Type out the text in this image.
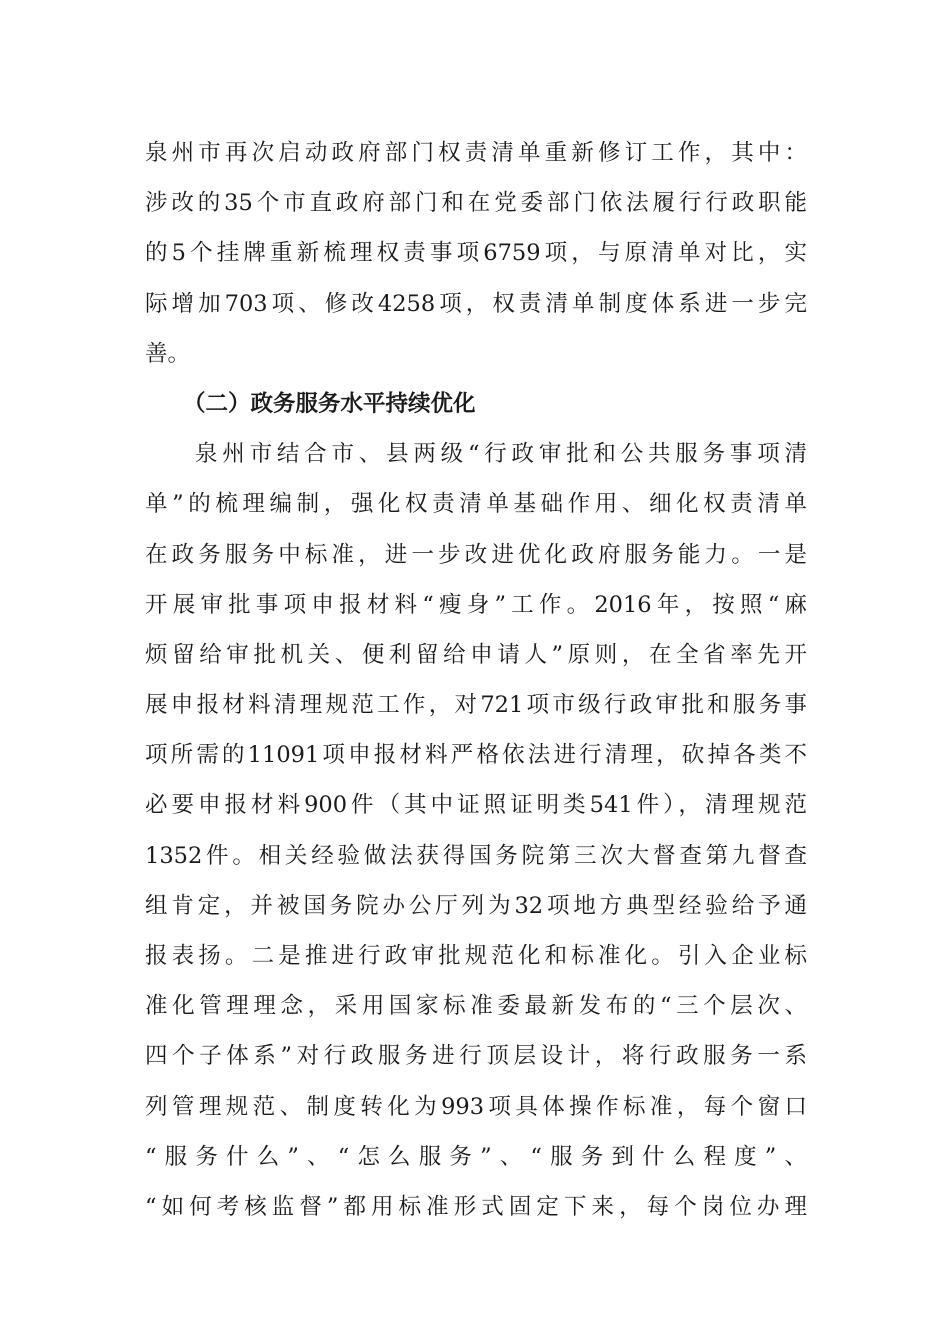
泉州市再次启动政府部门权责清单重新修订工作，其中：
涉改的35个市直政府部门和在党委部门依法履行行政职能
的5个挂牌重新梳理权责事项6759项，与原清单对比，实
际增加703项、修改4258项，权责清单制度体系进一步完
善。
（二）政务服务水平持续优化
泉州市结合市、县两级“行政审批和公共服务事项清
单”的梳理编制，强化权责清单基础作用、细化权责清单
在政务服务中标准，进一步改进优化政府服务能力。一是
开展审批事项申报材料“瘦身”工作。2016年，按照“麻
烦留给审批机关、便利留给申请人”原则，在全省率先开
展申报材料清理规范工作，对721项市级行政审批和服务事
项所需的11091项申报材料严格依法进行清理，砍掉各类不
必要申报材料900件（其中证照证明类541件），清理规范
1352件。相关经验做法获得国务院第三次大督查第九督查
组肯定，并被国务院办公厅列为32项地方典型经验给予通
报表扬。二是推进行政审批规范化和标准化。引入企业标
准化管理理念，采用国家标准委最新发布的“三个层次、
四个子体系”对行政服务进行顶层设计，将行政服务一系
列管理规范、制度转化为993项具体操作标准，每个窗口
“服务什么”、“怎么服务”、“服务到什么程度”、
“如何考核监督”都用标准形式固定下来，每个岗位办理
